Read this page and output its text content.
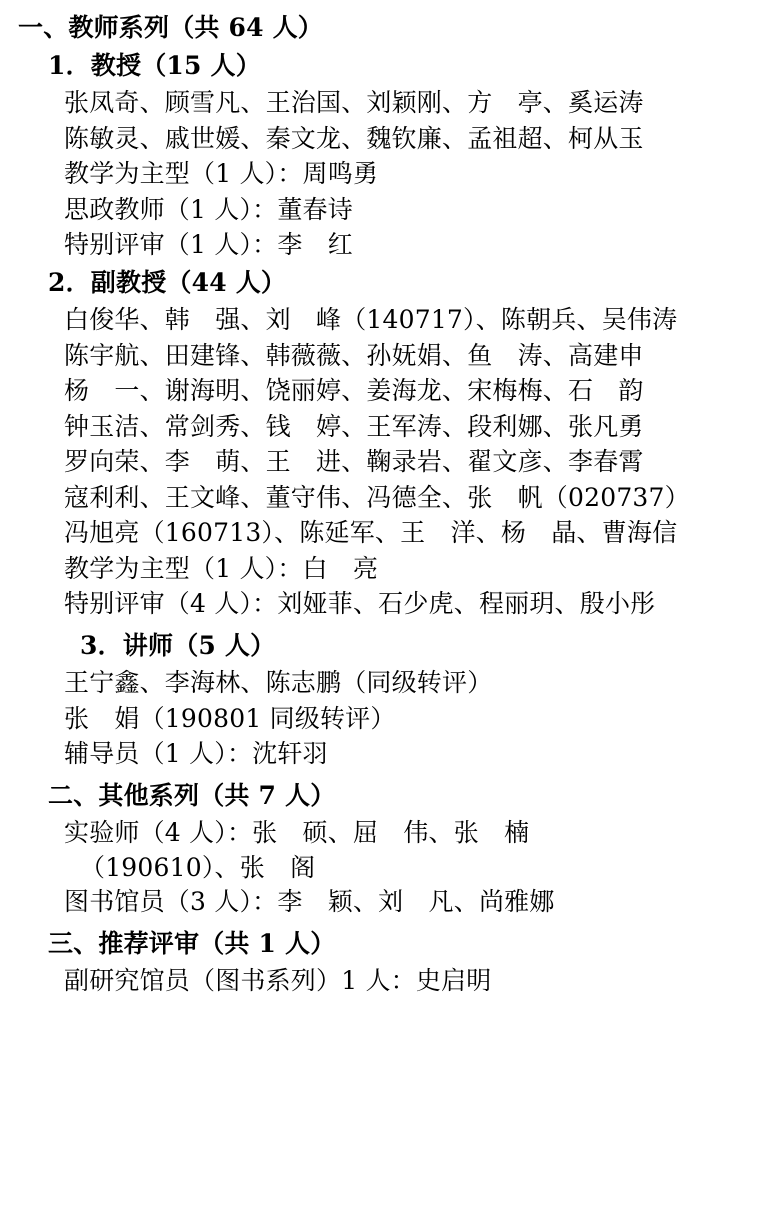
一、教师系列（共 64 人）
1．教授（15 人）
张凤奇、顾雪凡、王治国、刘颖刚、方　亭、奚运涛
陈敏灵、戚世媛、秦文龙、魏钦廉、孟祖超、柯从玉
教学为主型（1 人）：周鸣勇
思政教师（1 人）：董春诗
特别评审（1 人）：李　红
2．副教授（44 人）
白俊华、韩　强、刘　峰（140717）、陈朝兵、吴伟涛
陈宇航、田建锋、韩薇薇、孙妩娟、鱼　涛、高建申
杨　一、谢海明、饶丽婷、姜海龙、宋梅梅、石　韵
钟玉洁、常剑秀、钱　婷、王军涛、段利娜、张凡勇
罗向荣、李　萌、王　进、鞠录岩、翟文彦、李春霄
寇利利、王文峰、董守伟、冯德全、张　帆（020737）
冯旭亮（160713）、陈延军、王　洋、杨　晶、曹海信
教学为主型（1 人）：白　亮
特别评审（4 人）：刘娅菲、石少虎、程丽玥、殷小彤
3．讲师（5 人）
王宁鑫、李海林、陈志鹏（同级转评）
张　娟（190801 同级转评）
辅导员（1 人）：沈轩羽
二、其他系列（共 7 人）
实验师（4 人）：张　硕、屈　伟、张　楠
（190610）、张　阁
图书馆员（3 人）：李　颖、刘　凡、尚雅娜
三、推荐评审（共 1 人）
副研究馆员（图书系列）1 人：史启明
